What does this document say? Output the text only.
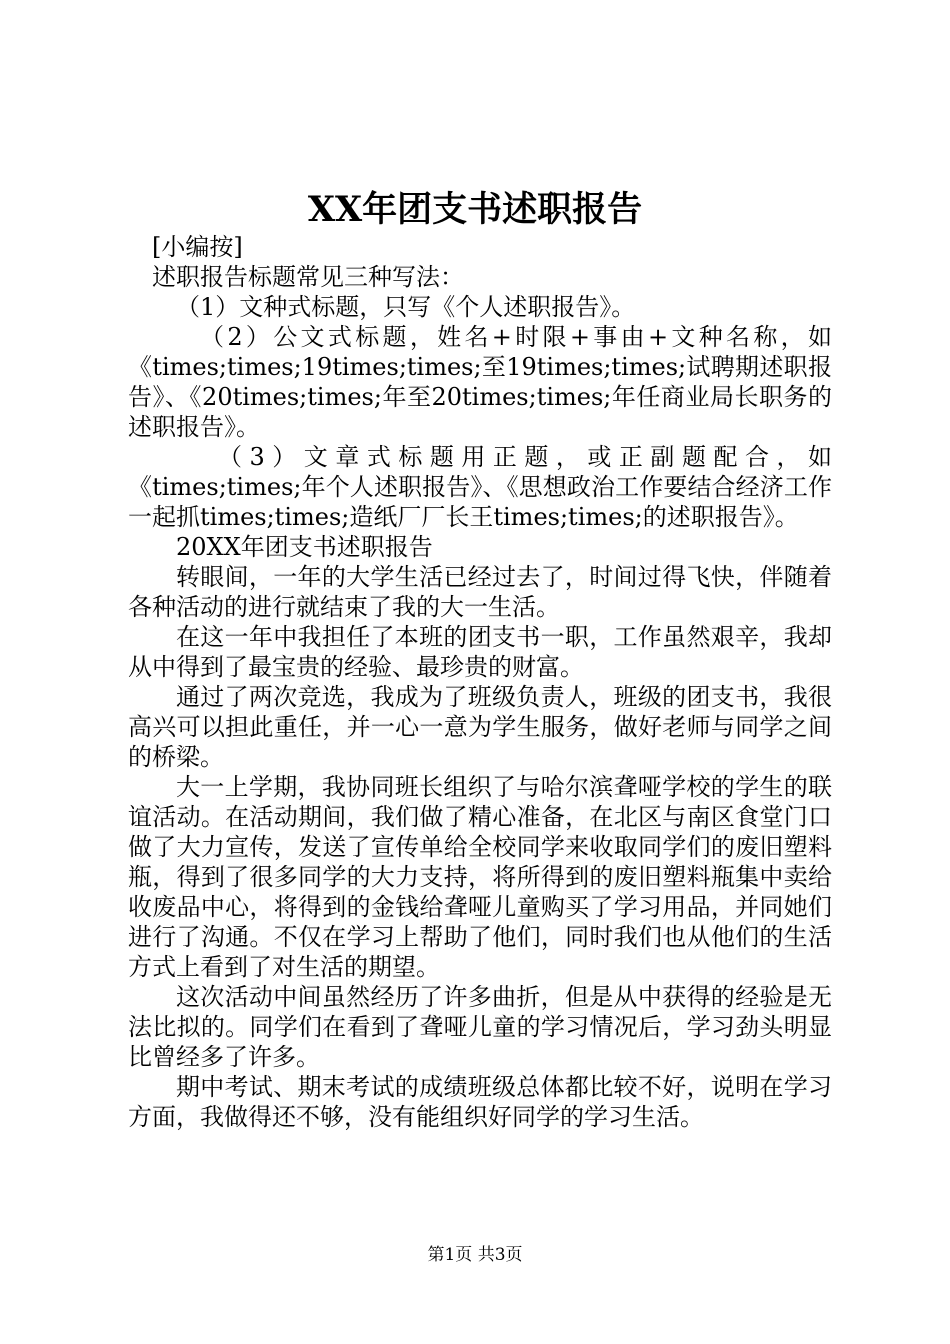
XX年团支书述职报告

[小编按]

述职报告标题常见三种写法：

（1）文种式标题，只写《个人述职报告》。

（2）公文式标题，姓名+时限+事由+文种名称，如《times;times;19times;times;至19times;times;试聘期述职报告》、《20times;times;年至20times;times;年任商业局长职务的述职报告》。

（3）文章式标题用正题，或正副题配合，如《times;times;年个人述职报告》、《思想政治工作要结合经济工作一起抓times;times;造纸厂厂长王times;times;的述职报告》。

20XX年团支书述职报告

转眼间，一年的大学生活已经过去了，时间过得飞快，伴随着各种活动的进行就结束了我的大一生活。

在这一年中我担任了本班的团支书一职，工作虽然艰辛，我却从中得到了最宝贵的经验、最珍贵的财富。

通过了两次竞选，我成为了班级负责人，班级的团支书，我很高兴可以担此重任，并一心一意为学生服务，做好老师与同学之间的桥梁。

大一上学期，我协同班长组织了与哈尔滨聋哑学校的学生的联谊活动。在活动期间，我们做了精心准备，在北区与南区食堂门口做了大力宣传，发送了宣传单给全校同学来收取同学们的废旧塑料瓶，得到了很多同学的大力支持，将所得到的废旧塑料瓶集中卖给收废品中心，将得到的金钱给聋哑儿童购买了学习用品，并同她们进行了沟通。不仅在学习上帮助了他们，同时我们也从他们的生活方式上看到了对生活的期望。

这次活动中间虽然经历了许多曲折，但是从中获得的经验是无法比拟的。同学们在看到了聋哑儿童的学习情况后，学习劲头明显比曾经多了许多。

期中考试、期末考试的成绩班级总体都比较不好，说明在学习方面，我做得还不够，没有能组织好同学的学习生活。

第1页 共3页
